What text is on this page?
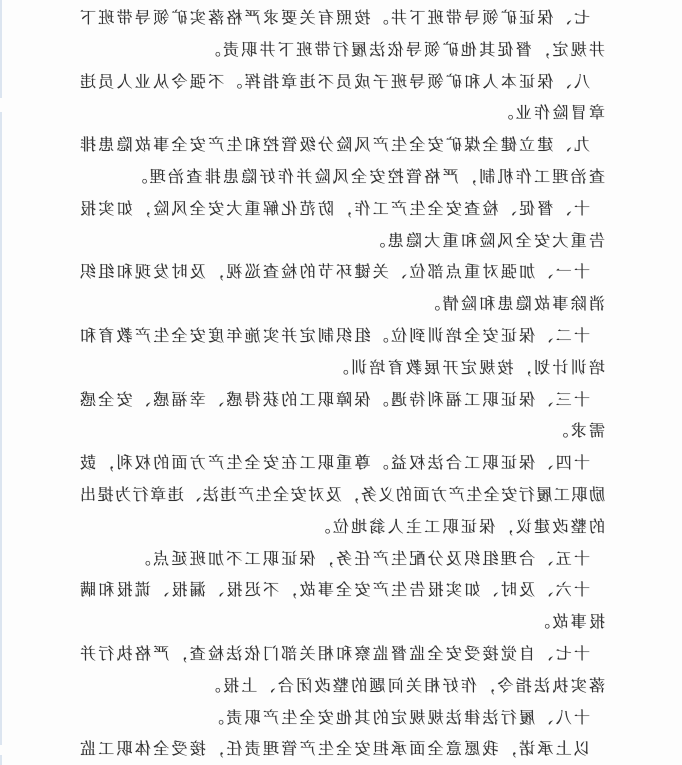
七、保证矿领导带班下井。按照有关要求严格落实矿领导带班下
井规定，督促其他矿领导依法履行带班下井职责。
八、保证本人和矿领导班子成员不违章指挥。不强令从业人员违
章冒险作业。
九、建立健全煤矿安全生产风险分级管控和生产安全事故隐患排
查治理工作机制，严格管控安全风险并作好隐患排查治理。
十、督促、检查安全生产工作，防范化解重大安全风险，如实报
告重大安全风险和重大隐患。
十一、加强对重点部位、关键环节的检查巡视，及时发现和组织
消除事故隐患和险情。
十二、保证安全培训到位。组织制定并实施年度安全生产教育和
培训计划，按规定开展教育培训。
十三、保证职工福利待遇。保障职工的获得感、幸福感、安全感
需求。
十四、保证职工合法权益。尊重职工在安全生产方面的权利，鼓
励职工履行安全生产方面的义务，及对安全生产违法、违章行为提出
的整改建议，保证职工主人翁地位。
十五、合理组织及分配生产任务，保证职工不加班延点。
十六、及时、如实报告生产安全事故，不迟报、漏报、谎报和瞒
报事故。
十七、自觉接受安全监督监察和相关部门依法检查，严格执行并
落实执法指令，作好相关问题的整改闭合、上报。
十八、履行法律法规规定的其他安全生产职责。
以上承诺，我愿意全面承担安全生产管理责任，接受全体职工监
